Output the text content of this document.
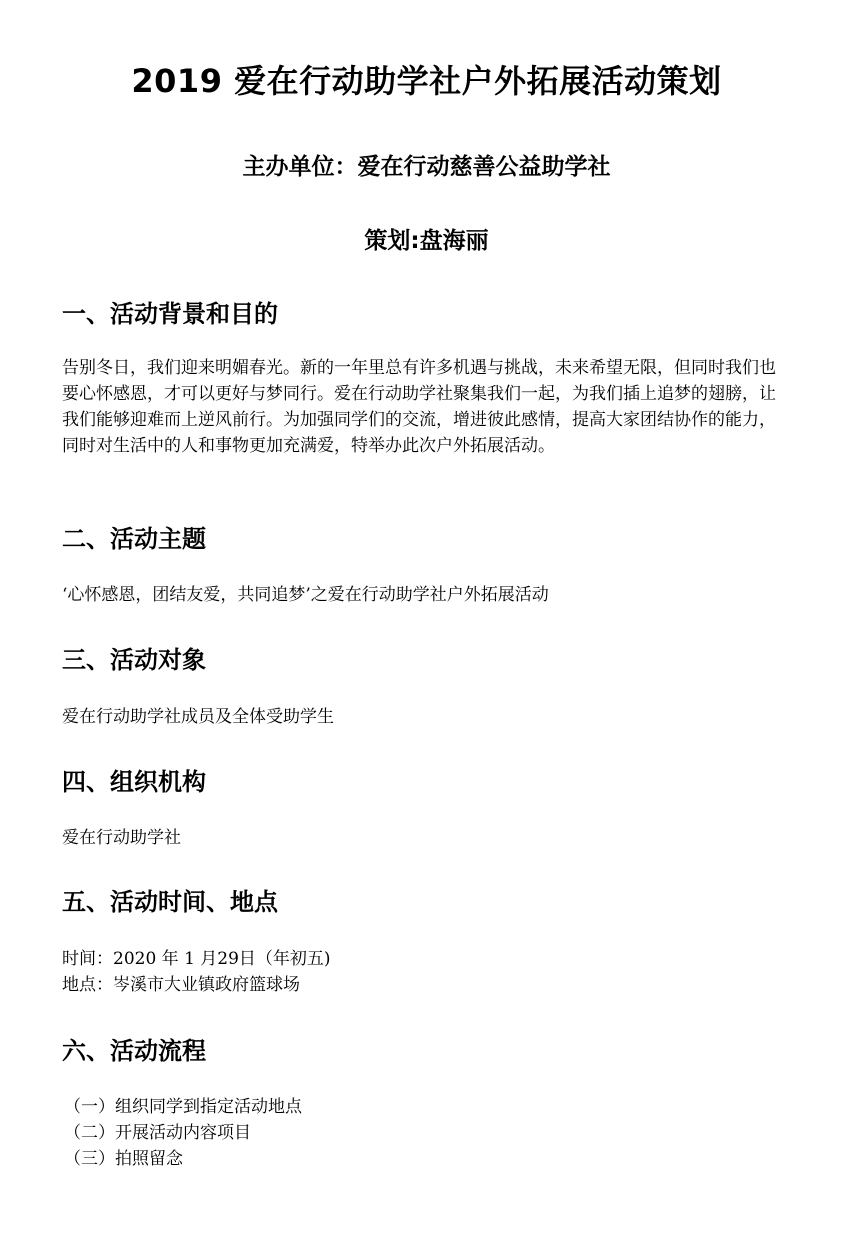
2019 爱在行动助学社户外拓展活动策划
主办单位：爱在行动慈善公益助学社
策划:盘海丽
一、活动背景和目的
告别冬日，我们迎来明媚春光。新的一年里总有许多机遇与挑战，未来希望无限，但同时我们也要心怀感恩，才可以更好与梦同行。爱在行动助学社聚集我们一起，为我们插上追梦的翅膀，让我们能够迎难而上逆风前行。为加强同学们的交流，增进彼此感情，提高大家团结协作的能力，同时对生活中的人和事物更加充满爱，特举办此次户外拓展活动。
二、活动主题
‘心怀感恩，团结友爱，共同追梦’之爱在行动助学社户外拓展活动
三、活动对象
爱在行动助学社成员及全体受助学生
四、组织机构
爱在行动助学社
五、活动时间、地点
时间：2020 年 1 月29日（年初五)
地点：岑溪市大业镇政府篮球场
六、活动流程
（一）组织同学到指定活动地点
（二）开展活动内容项目
（三）拍照留念
